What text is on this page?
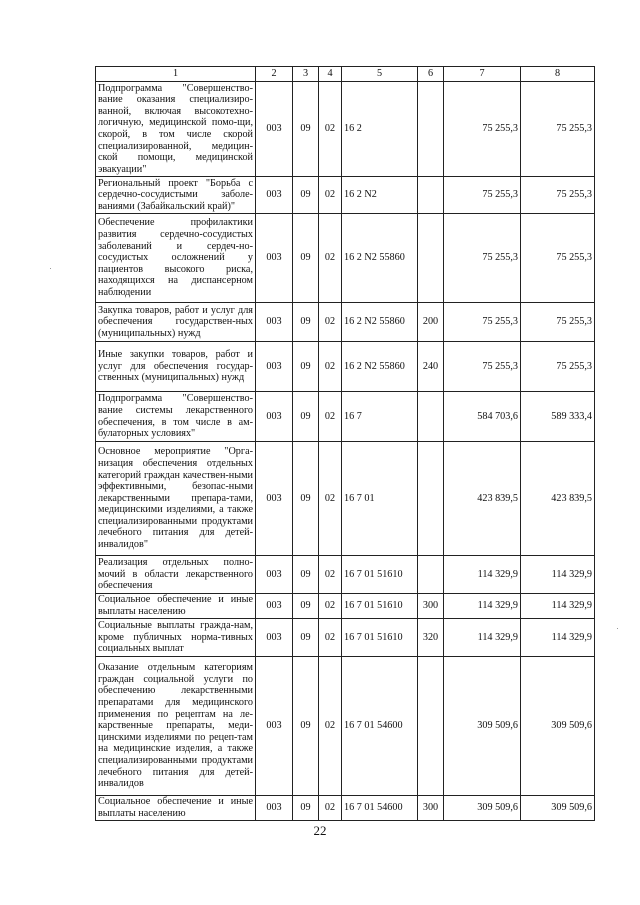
1	2	3	4	5	6	7	8
Подпрограмма "Совершенство-вание оказания специализиро-ванной, включая высокотехно-логичную, медицинской помо-щи, скорой, в том числе скорой специализированной, медицин-ской помощи, медицинской эвакуации"	003	09	02	16 2		75 255,3	75 255,3
Региональный проект "Борьба с сердечно-сосудистыми заболе-ваниями (Забайкальский край)"	003	09	02	16 2 N2		75 255,3	75 255,3
Обеспечение профилактики развития сердечно-сосудистых заболеваний и сердеч-но-сосудистых осложнений у пациентов высокого риска, находящихся на диспансерном наблюдении	003	09	02	16 2 N2 55860		75 255,3	75 255,3
Закупка товаров, работ и услуг для обеспечения государствен-ных (муниципальных) нужд	003	09	02	16 2 N2 55860	200	75 255,3	75 255,3
Иные закупки товаров, работ и услуг для обеспечения государ-ственных (муниципальных) нужд	003	09	02	16 2 N2 55860	240	75 255,3	75 255,3
Подпрограмма "Совершенство-вание системы лекарственного обеспечения, в том числе в ам-булаторных условиях"	003	09	02	16 7		584 703,6	589 333,4
Основное мероприятие "Орга-низация обеспечения отдельных категорий граждан качествен-ными эффективными, безопас-ными лекарственными препара-тами, медицинскими изделиями, а также специализированными продуктами лечебного питания для детей-инвалидов"	003	09	02	16 7 01		423 839,5	423 839,5
Реализация отдельных полно-мочий в области лекарственного обеспечения	003	09	02	16 7 01 51610		114 329,9	114 329,9
Социальное обеспечение и иные выплаты населению	003	09	02	16 7 01 51610	300	114 329,9	114 329,9
Социальные выплаты гражда-нам, кроме публичных норма-тивных социальных выплат	003	09	02	16 7 01 51610	320	114 329,9	114 329,9
Оказание отдельным категориям граждан социальной услуги по обеспечению лекарственными препаратами для медицинского применения по рецептам на ле-карственные препараты, меди-цинскими изделиями по рецеп-там на медицинские изделия, а также специализированными продуктами лечебного питания для детей-инвалидов	003	09	02	16 7 01 54600		309 509,6	309 509,6
Социальное обеспечение и иные выплаты населению	003	09	02	16 7 01 54600	300	309 509,6	309 509,6
22
